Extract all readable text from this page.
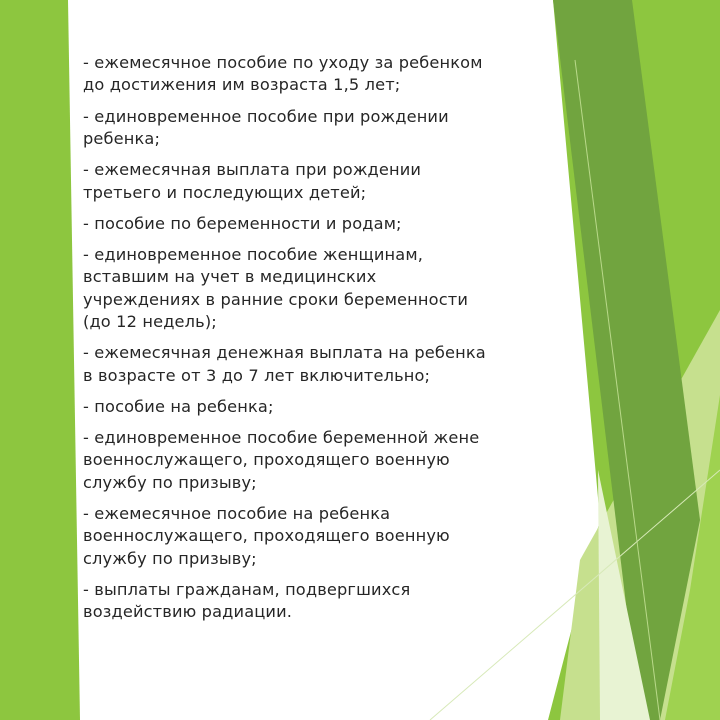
- ежемесячное пособие по уходу за ребенком
до достижения им возраста 1,5 лет;
- единовременное пособие при рождении
ребенка;
- ежемесячная выплата при рождении
третьего и последующих детей;
- пособие по беременности и родам;
- единовременное пособие женщинам,
вставшим на учет в медицинских
учреждениях в ранние сроки беременности
(до 12 недель);
- ежемесячная денежная выплата на ребенка
в возрасте от 3 до 7 лет включительно;
- пособие на ребенка;
- единовременное пособие беременной жене
военнослужащего, проходящего военную
службу по призыву;
- ежемесячное пособие на ребенка
военнослужащего, проходящего военную
службу по призыву;
- выплаты гражданам, подвергшихся
воздействию радиации.
